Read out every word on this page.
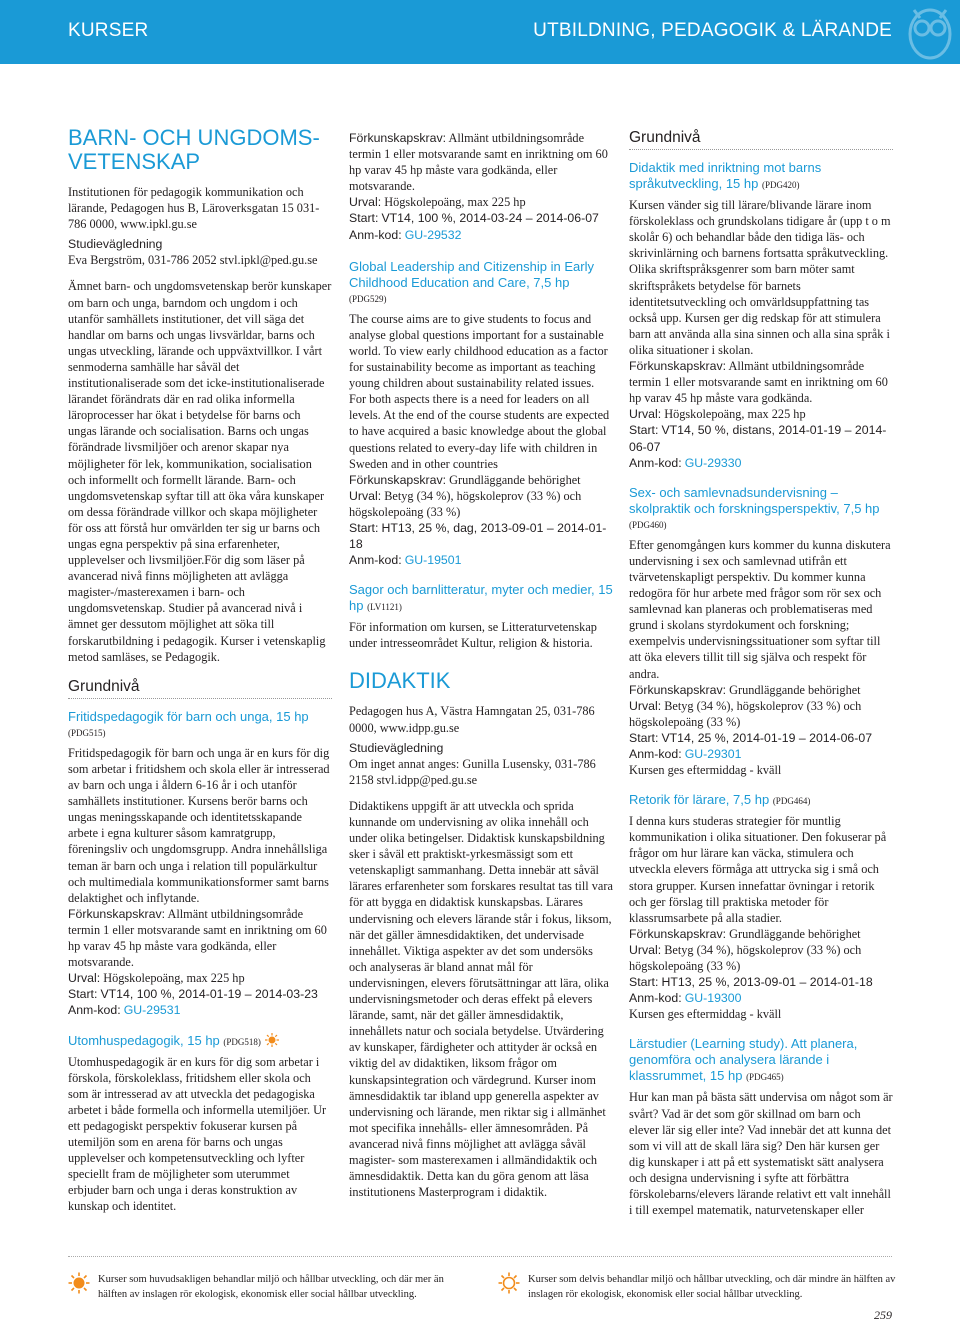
KURSER	UTBILDNING, PEDAGOGIK & LÄRANDE
BARN- OCH UNGDOMS-
VETENSKAP

Institutionen för pedagogik kommunikation och lärande, Pedagogen hus B, Läroverksgatan 15 031-786 0000, www.ipkl.gu.se

Studievägledning

Eva Bergström, 031-786 2052 stvl.ipkl@ped.gu.se

Ämnet barn- och ungdomsvetenskap berör kunskaper om barn och unga, barndom och ungdom i och utanför samhällets institutioner, det vill säga det handlar om barns och ungas livsvärldar, barns och ungas utveckling, lärande och uppväxtvillkor. I vårt senmoderna samhälle har såväl det institutionaliserade som det icke-institutionaliserade lärandet förändrats där en rad olika informella läroprocesser har ökat i betydelse för barns och ungas lärande och socialisation. Barns och ungas förändrade livsmiljöer och arenor skapar nya möjligheter för lek, kommunikation, socialisation och informellt och formellt lärande. Barn- och ungdomsvetenskap syftar till att öka våra kunskaper om dessa förändrade villkor och skapa möjligheter för oss att förstå hur omvärlden ter sig ur barns och ungas egna perspektiv på sina erfarenheter, upplevelser och livsmiljöer.För dig som läser på avancerad nivå finns möjligheten att avlägga magister-/masterexamen i barn- och ungdomsvetenskap. Studier på avancerad nivå i ämnet ger dessutom möjlighet att söka till forskarutbildning i pedagogik. Kurser i vetenskaplig metod samläses, se Pedagogik.

Grundnivå
Fritidspedagogik för barn och unga, 15 hp

(PDG515)

Fritidspedagogik för barn och unga är en kurs för dig som arbetar i fritidshem och skola eller är intresserad av barn och unga i åldern 6-16 år i och utanför samhällets institutioner. Kursens berör barns och ungas meningsskapande och identitetsskapande arbete i egna kulturer såsom kamratgrupp, föreningsliv och ungdomsgrupp. Andra innehållsliga teman är barn och unga i relation till populärkultur och multimediala kommunikationsformer samt barns delaktighet och inflytande.

Förkunskapskrav: Allmänt utbildningsområde termin 1 eller motsvarande samt en inriktning om 60 hp varav 45 hp måste vara godkända, eller motsvarande.

Urval: Högskolepoäng, max 225 hp

Start: VT14, 100 %, 2014-01-19 – 2014-03-23

Anm-kod: GU-29531

Utomhuspedagogik, 15 hp (PDG518)

Utomhuspedagogik är en kurs för dig som arbetar i förskola, förskoleklass, fritidshem eller skola och som är intresserad av att utveckla det pedagogiska arbetet i både formella och informella utemiljöer. Ur ett pedagogiskt perspektiv fokuserar kursen på utemiljön som en arena för barns och ungas upplevelser och kompetensutveckling och lyfter speciellt fram de möjligheter som uterummet erbjuder barn och unga i deras konstruktion av kunskap och identitet.

Förkunskapskrav: Allmänt utbildningsområde termin 1 eller motsvarande samt en inriktning om 60 hp varav 45 hp måste vara godkända, eller motsvarande.

Urval: Högskolepoäng, max 225 hp

Start: VT14, 100 %, 2014-03-24 – 2014-06-07

Anm-kod: GU-29532

Global Leadership and Citizenship in Early Childhood Education and Care, 7,5 hp

(PDG529)

The course aims are to give students to focus and analyse global questions important for a sustainable world. To view early childhood education as a factor for sustainability become as important as teaching young children about sustainability related issues. For both aspects there is a need for leaders on all levels. At the end of the course students are expected to have acquired a basic knowledge about the global questions related to every-day life with children in Sweden and in other countries

Förkunskapskrav: Grundläggande behörighet

Urval: Betyg (34 %), högskoleprov (33 %) och högskolepoäng (33 %)

Start: HT13, 25 %, dag, 2013-09-01 – 2014-01-18

Anm-kod: GU-19501

Sagor och barnlitteratur, myter och medier, 15 hp (LV1121)

För information om kursen, se Litteraturvetenskap under intresseområdet Kultur, religion & historia.

DIDAKTIK

Pedagogen hus A, Västra Hamngatan 25, 031-786 0000, www.idpp.gu.se

Studievägledning

Om inget annat anges: Gunilla Lusensky, 031-786 2158 stvl.idpp@ped.gu.se

Didaktikens uppgift är att utveckla och sprida kunnande om undervisning av olika innehåll och under olika betingelser. Didaktisk kunskapsbildning sker i såväl ett praktiskt-yrkesmässigt som ett vetenskapligt sammanhang. Detta innebär att såväl lärares erfarenheter som forskares resultat tas till vara för att bygga en didaktisk kunskapsbas. Lärares undervisning och elevers lärande står i fokus, liksom, när det gäller ämnesdidaktiken, det undervisade innehållet. Viktiga aspekter av det som undersöks och analyseras är bland annat mål för undervisningen, elevers förutsättningar att lära, olika undervisningsmetoder och deras effekt på elevers lärande, samt, när det gäller ämnesdidaktik, innehållets natur och sociala betydelse. Utvärdering av kunskaper, färdigheter och attityder är också en viktig del av didaktiken, liksom frågor om kunskapsintegration och värdegrund. Kurser inom ämnesdidaktik tar ibland upp generella aspekter av undervisning och lärande, men riktar sig i allmänhet mot specifika innehålls- eller ämnesområden. På avancerad nivå finns möjlighet att avlägga såväl magister- som masterexamen i allmändidaktik och ämnesdidaktik. Detta kan du göra genom att läsa institutionens Masterprogram i didaktik.

Grundnivå
Didaktik med inriktning mot barns språkutveckling, 15 hp (PDG420)

Kursen vänder sig till lärare/blivande lärare inom förskoleklass och grundskolans tidigare år (upp t o m skolår 6) och behandlar både den tidiga läs- och skrivinlärning och barnens fortsatta språkutveckling. Olika skriftspråksgenrer som barn möter samt skriftspråkets betydelse för barnets identitetsutveckling och omvärldsuppfattning tas också upp. Kursen ger dig redskap för att stimulera barn att använda alla sina sinnen och alla sina språk i olika situationer i skolan.

Förkunskapskrav: Allmänt utbildningsområde termin 1 eller motsvarande samt en inriktning om 60 hp varav 45 hp måste vara godkända.

Urval: Högskolepoäng, max 225 hp

Start: VT14, 50 %, distans, 2014-01-19 – 2014-06-07

Anm-kod: GU-29330

Sex- och samlevnadsundervisning – skolpraktik och forskningsperspektiv, 7,5 hp

(PDG460)

Efter genomgången kurs kommer du kunna diskutera undervisning i sex och samlevnad utifrån ett tvärvetenskapligt perspektiv. Du kommer kunna redogöra för hur arbete med frågor som rör sex och samlevnad kan planeras och problematiseras med grund i skolans styrdokument och forskning; exempelvis undervisningssituationer som syftar till att öka elevers tillit till sig själva och respekt för andra.

Förkunskapskrav: Grundläggande behörighet

Urval: Betyg (34 %), högskoleprov (33 %) och högskolepoäng (33 %)

Start: VT14, 25 %, 2014-01-19 – 2014-06-07

Anm-kod: GU-29301

Kursen ges eftermiddag - kväll

Retorik för lärare, 7,5 hp (PDG464)

I denna kurs studeras strategier för muntlig kommunikation i olika situationer. Den fokuserar på frågor om hur lärare kan väcka, stimulera och utveckla elevers förmåga att uttrycka sig i små och stora grupper. Kursen innefattar övningar i retorik och ger förslag till praktiska metoder för klassrumsarbete på alla stadier.

Förkunskapskrav: Grundläggande behörighet

Urval: Betyg (34 %), högskoleprov (33 %) och högskolepoäng (33 %)

Start: HT13, 25 %, 2013-09-01 – 2014-01-18

Anm-kod: GU-19300

Kursen ges eftermiddag - kväll

Lärstudier (Learning study). Att planera, genomföra och analysera lärande i klassrummet, 15 hp (PDG465)

Hur kan man på bästa sätt undervisa om något som är svårt? Vad är det som gör skillnad om barn och elever lär sig eller inte? Vad innebär det att kunna det som vi vill att de skall lära sig? Den här kursen ger dig kunskaper i att på ett systematiskt sätt analysera och designa undervisning i syfte att förbättra förskolebarns/elevers lärande relativt ett valt innehåll i till exempel matematik, naturvetenskaper eller

Kurser som huvudsakligen behandlar miljö och hållbar utveckling, och där mer än hälften av inslagen rör ekologisk, ekonomisk eller social hållbar utveckling.

Kurser som delvis behandlar miljö och hållbar utveckling, och där mindre än hälften av inslagen rör ekologisk, ekonomisk eller social hållbar utveckling.

259
